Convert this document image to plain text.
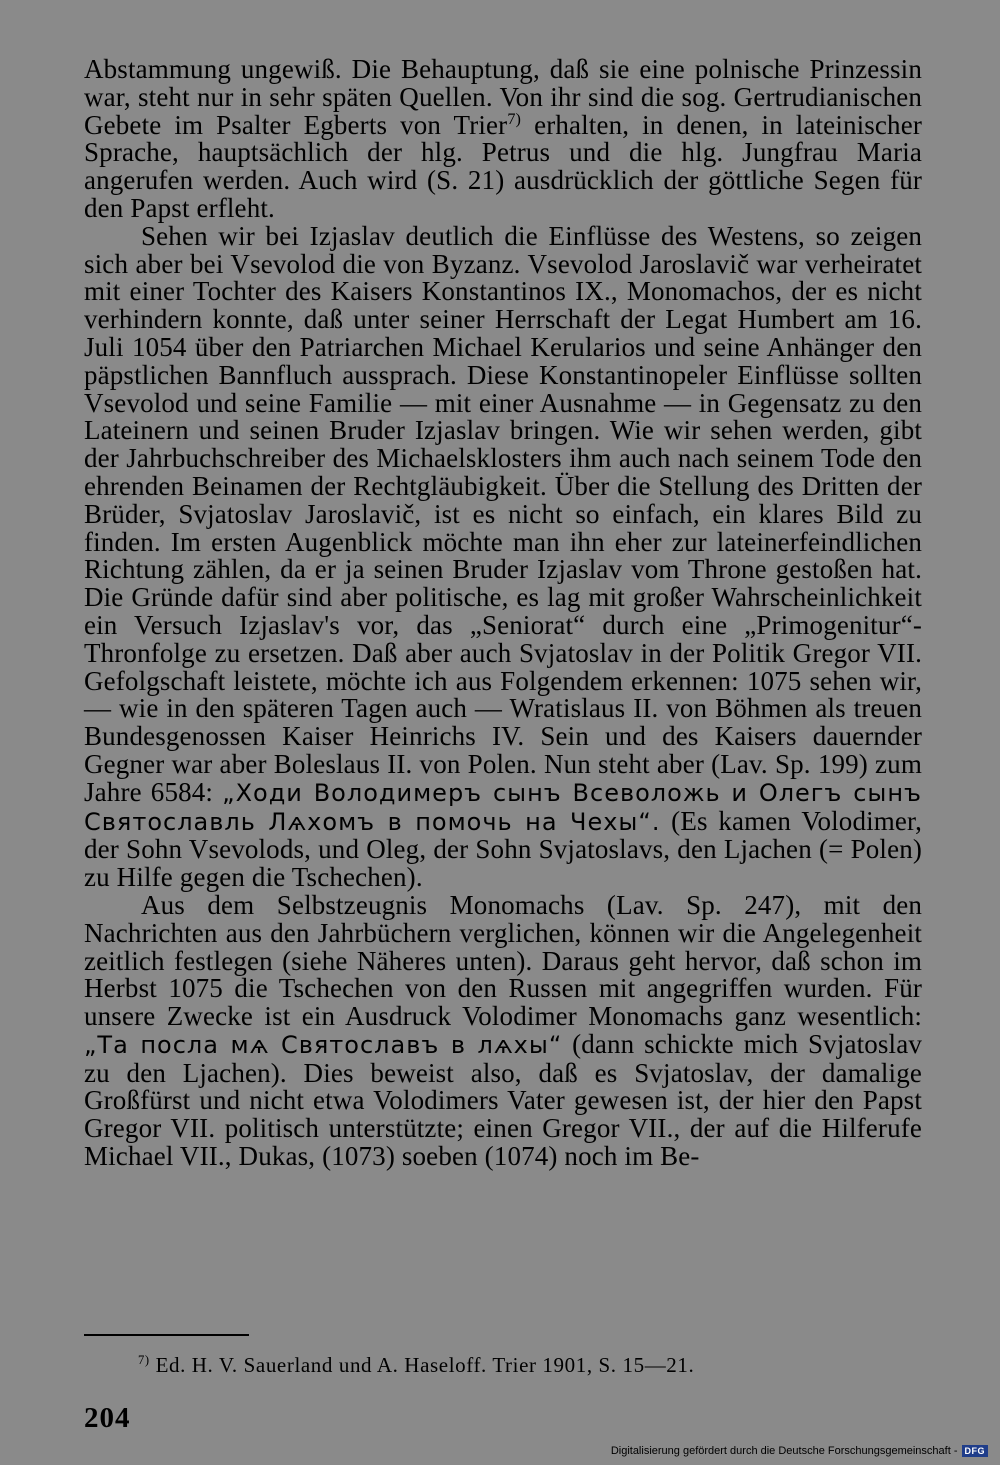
Abstammung ungewiß. Die Behauptung, daß sie eine polnische Prinzessin war, steht nur in sehr späten Quellen. Von ihr sind die sog. Gertrudianischen Gebete im Psalter Egberts von Trier$^{7)}$ erhalten, in denen, in lateinischer Sprache, hauptsächlich der hlg. Petrus und die hlg. Jungfrau Maria angerufen werden. Auch wird (S. 21) ausdrücklich der göttliche Segen für den Papst erfleht.

Sehen wir bei Izjaslav deutlich die Einflüsse des Westens, so zeigen sich aber bei Vsevolod die von Byzanz. Vsevolod Jaroslavič war verheiratet mit einer Tochter des Kaisers Konstantinos IX., Monomachos, der es nicht verhindern konnte, daß unter seiner Herrschaft der Legat Humbert am 16. Juli 1054 über den Patriarchen Michael Kerularios und seine Anhänger den päpstlichen Bannfluch aussprach. Diese Konstantinopeler Einflüsse sollten Vsevolod und seine Familie — mit einer Ausnahme — in Gegensatz zu den Lateinern und seinen Bruder Izjaslav bringen. Wie wir sehen werden, gibt der Jahrbuchschreiber des Michaelsklosters ihm auch nach seinem Tode den ehrenden Beinamen der Rechtgläubigkeit. Über die Stellung des Dritten der Brüder, Svjatoslav Jaroslavič, ist es nicht so einfach, ein klares Bild zu finden. Im ersten Augenblick möchte man ihn eher zur lateinerfeindlichen Richtung zählen, da er ja seinen Bruder Izjaslav vom Throne gestoßen hat. Die Gründe dafür sind aber politische, es lag mit großer Wahrscheinlichkeit ein Versuch Izjaslav's vor, das „Seniorat“ durch eine „Primogenitur“-Thronfolge zu ersetzen. Daß aber auch Svjatoslav in der Politik Gregor VII. Gefolgschaft leistete, möchte ich aus Folgendem erkennen: 1075 sehen wir, — wie in den späteren Tagen auch — Wratislaus II. von Böhmen als treuen Bundesgenossen Kaiser Heinrichs IV. Sein und des Kaisers dauernder Gegner war aber Boleslaus II. von Polen. Nun steht aber (Lav. Sp. 199) zum Jahre 6584: „Ходи Володимеръ сынъ Всеволожь и Олегъ сынъ Святославль Лѧхомъ в помочь на Чехы“. (Es kamen Volodimer, der Sohn Vsevolods, und Oleg, der Sohn Svjatoslavs, den Ljachen (= Polen) zu Hilfe gegen die Tschechen).

Aus dem Selbstzeugnis Monomachs (Lav. Sp. 247), mit den Nachrichten aus den Jahrbüchern verglichen, können wir die Angelegenheit zeitlich festlegen (siehe Näheres unten). Daraus geht hervor, daß schon im Herbst 1075 die Tschechen von den Russen mit angegriffen wurden. Für unsere Zwecke ist ein Ausdruck Volodimer Monomachs ganz wesentlich: „Та посла мѧ Святославъ в лѧхы“ (dann schickte mich Svjatoslav zu den Ljachen). Dies beweist also, daß es Svjatoslav, der damalige Großfürst und nicht etwa Volodimers Vater gewesen ist, der hier den Papst Gregor VII. politisch unterstützte; einen Gregor VII., der auf die Hilferufe Michael VII., Dukas, (1073) soeben (1074) noch im Be-

$^{7)}$ Ed. H. V. Sauerland und A. Haseloff. Trier 1901, S. 15—21.
204
Digitalisierung gefördert durch die Deutsche Forschungsgemeinschaft - DFG
